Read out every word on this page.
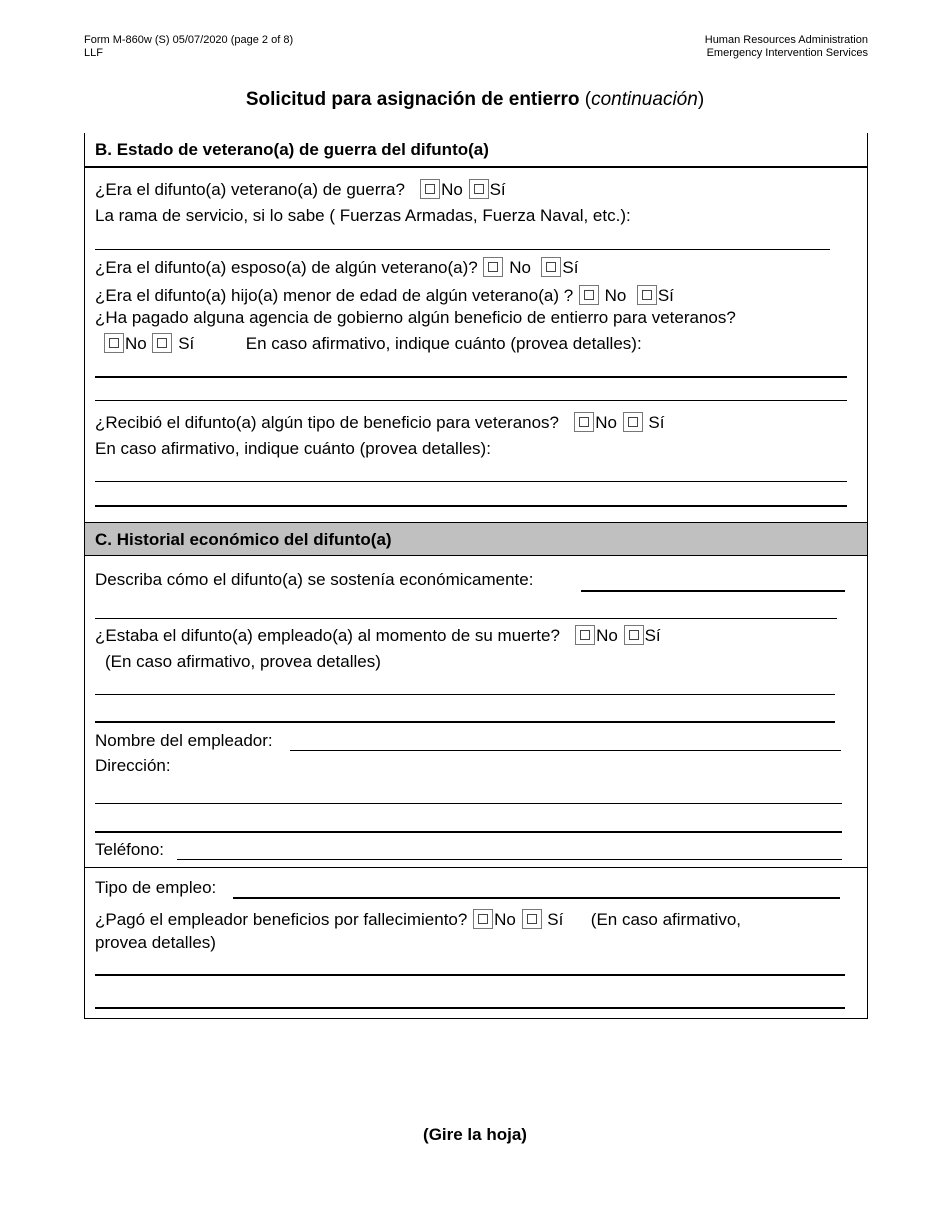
Form M-860w (S) 05/07/2020 (page 2 of 8)
LLF
Human Resources Administration
Emergency Intervention Services
Solicitud para asignación de entierro (continuación)
B. Estado de veterano(a) de guerra del difunto(a)
¿Era el difunto(a) veterano(a) de guerra? No Sí
La rama de servicio, si lo sabe ( Fuerzas Armadas, Fuerza Naval, etc.):
¿Era el difunto(a) esposo(a) de algún veterano(a)? No Sí
¿Era el difunto(a) hijo(a) menor de edad de algún veterano(a) ? No Sí
¿Ha pagado alguna agencia de gobierno algún beneficio de entierro para veteranos?
No Sí	En caso afirmativo, indique cuánto (provea detalles):
¿Recibió el difunto(a) algún tipo de beneficio para veteranos? No Sí
En caso afirmativo, indique cuánto (provea detalles):
C. Historial económico del difunto(a)
Describa cómo el difunto(a) se sostenía económicamente:
¿Estaba el difunto(a) empleado(a) al momento de su muerte? No Sí
(En caso afirmativo, provea detalles)
Nombre del empleador:
Dirección:
Teléfono:
Tipo de empleo:
¿Pagó el empleador beneficios por fallecimiento? No Sí (En caso afirmativo,
provea detalles)
(Gire la hoja)
